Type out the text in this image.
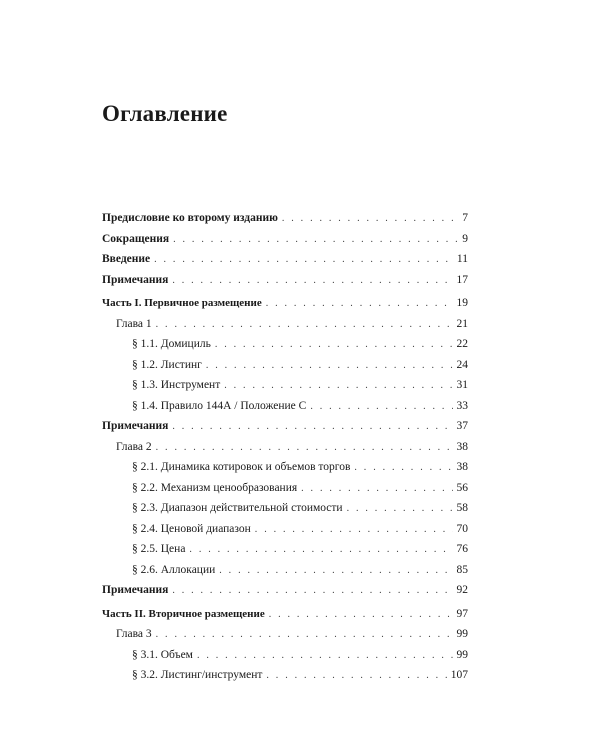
Оглавление
Предисловие ко второму изданию . . .	7
Сокращения . . .	9
Введение . . .	11
Примечания . . .	17
Часть I. Первичное размещение . . .	19
Глава 1 . . .	21
§ 1.1. Домициль . . .	22
§ 1.2. Листинг . . .	24
§ 1.3. Инструмент . . .	31
§ 1.4. Правило 144А / Положение С . . .	33
Примечания . . .	37
Глава 2 . . .	38
§ 2.1. Динамика котировок и объемов торгов . . .	38
§ 2.2. Механизм ценообразования . . .	56
§ 2.3. Диапазон действительной стоимости . . .	58
§ 2.4. Ценовой диапазон . . .	70
§ 2.5. Цена . . .	76
§ 2.6. Аллокации . . .	85
Примечания . . .	92
Часть II. Вторичное размещение . . .	97
Глава 3 . . .	99
§ 3.1. Объем . . .	99
§ 3.2. Листинг/инструмент . . .	107
